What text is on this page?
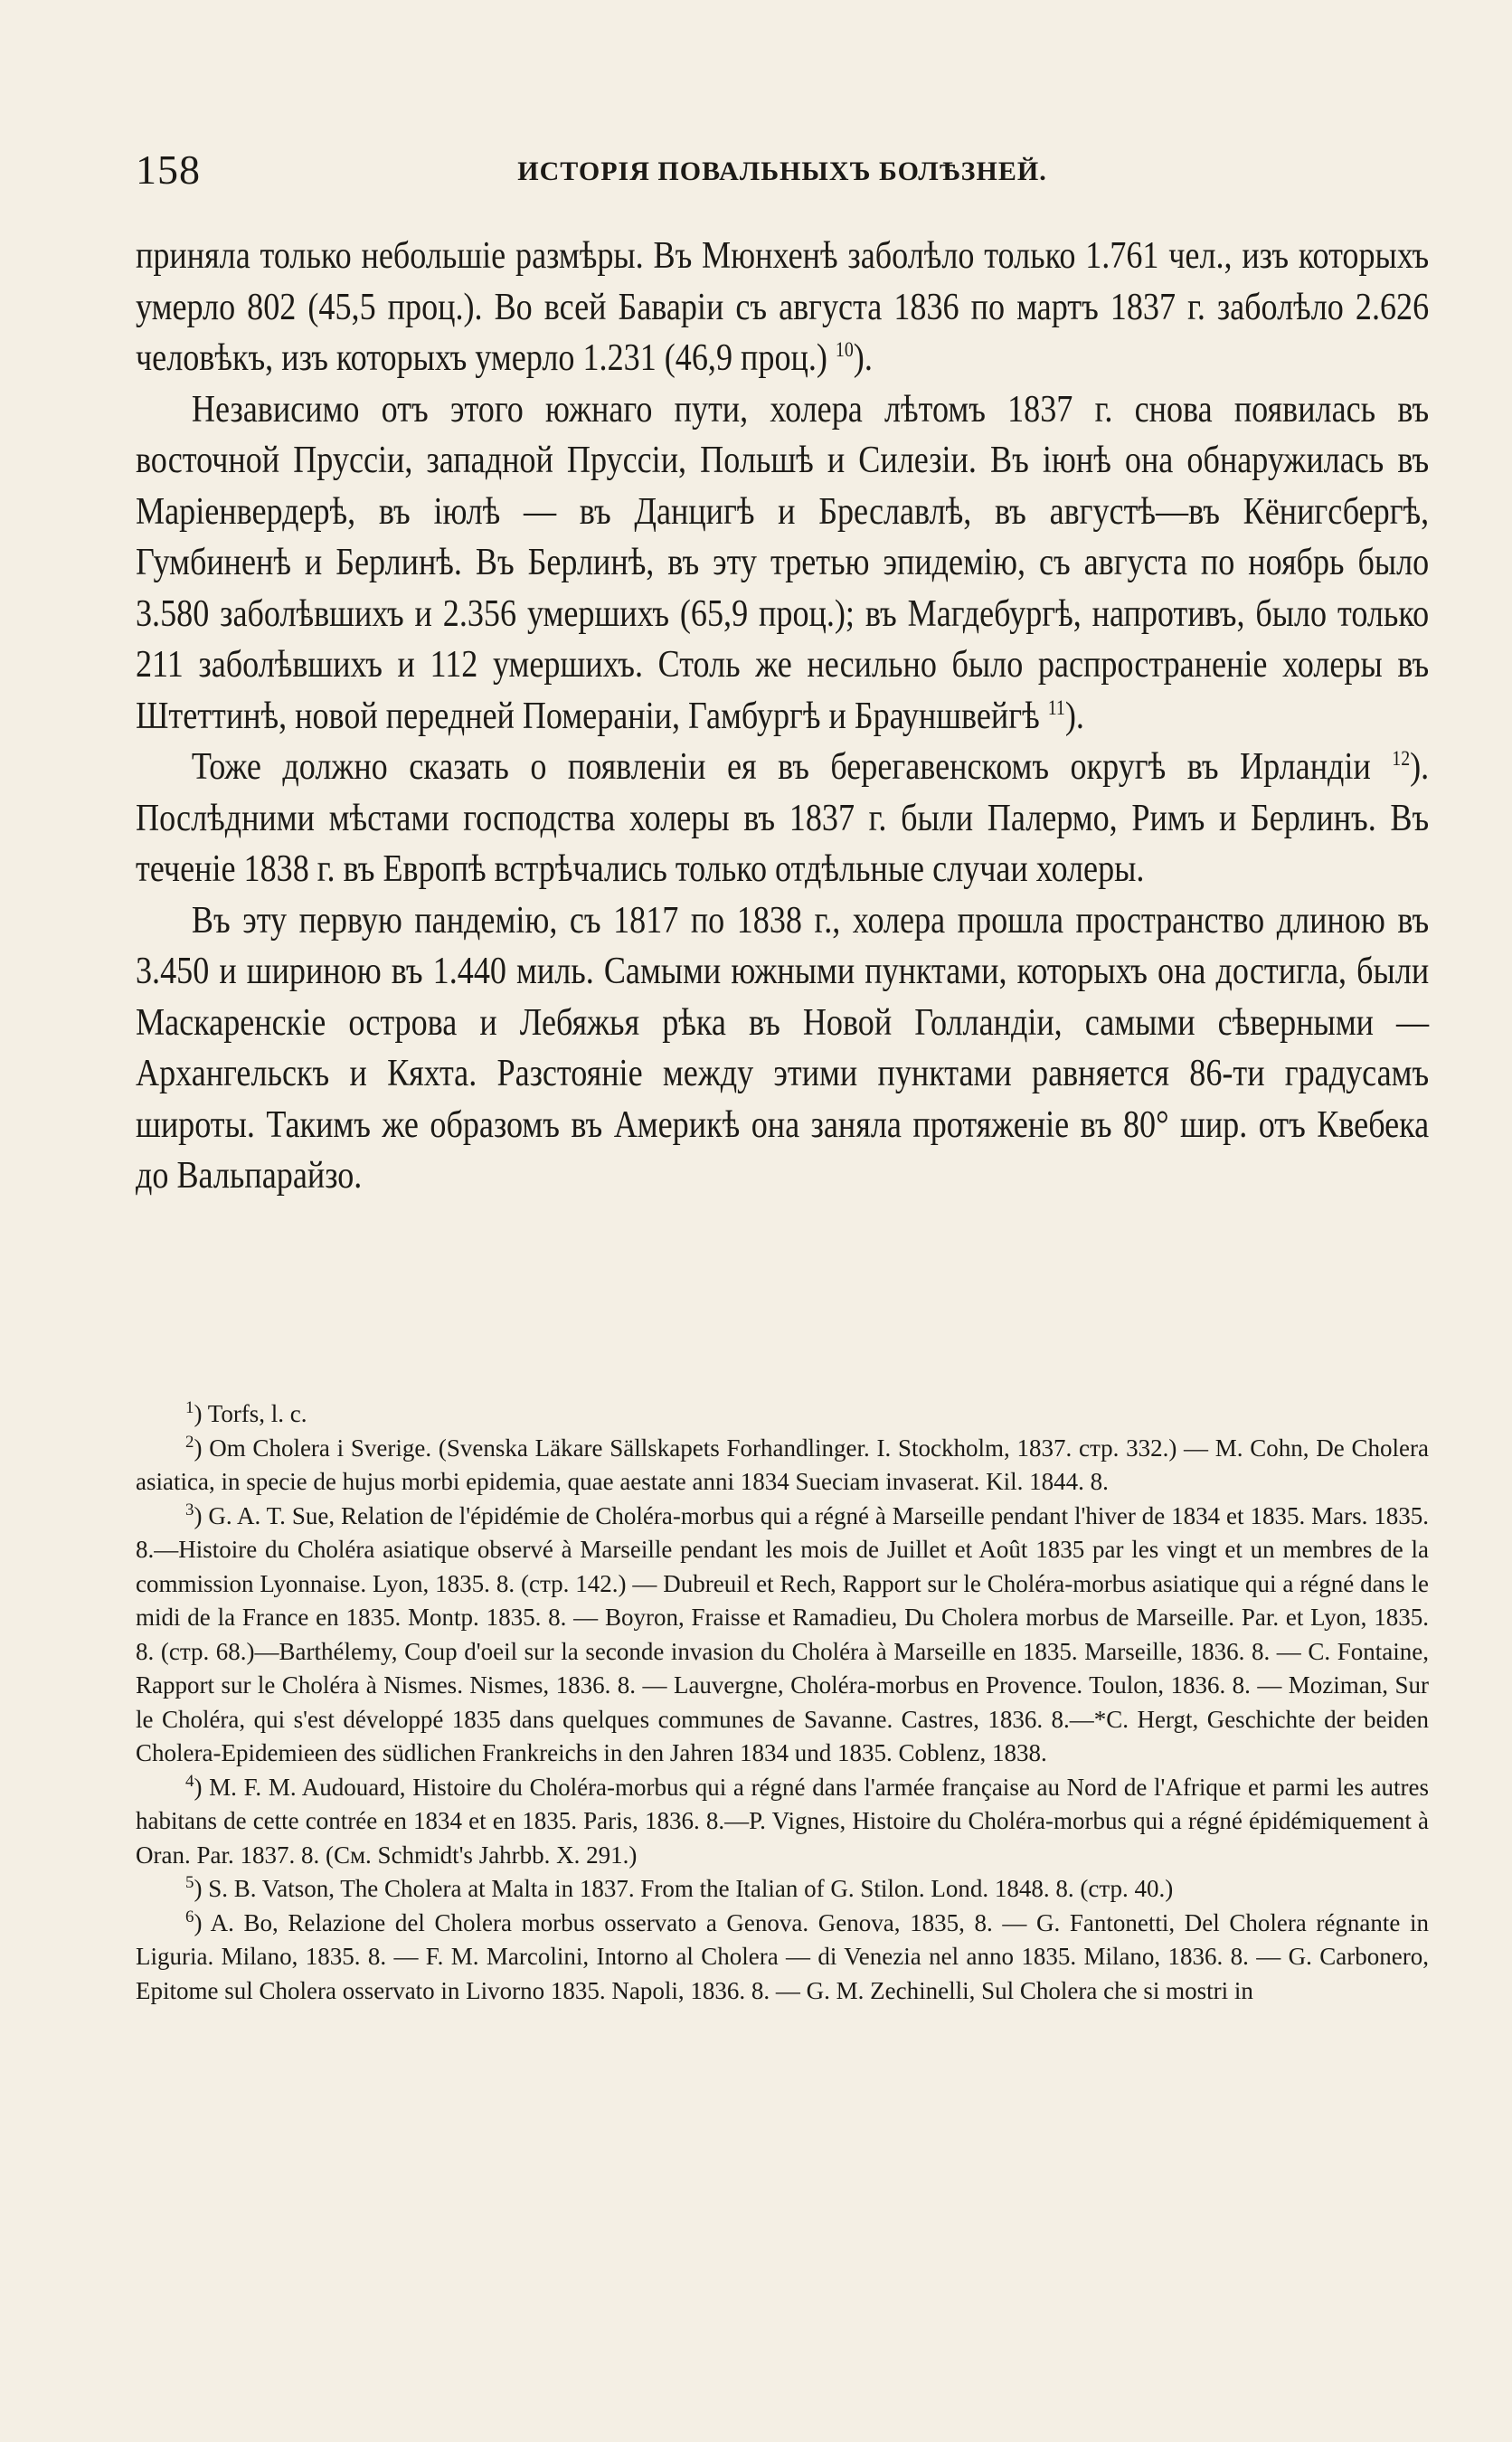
158	ИСТОРІЯ ПОВАЛЬНЫХЪ БОЛѢЗНЕЙ.

приняла только небольшіе размѣры. Въ Мюнхенѣ заболѣло только 1.761 чел., изъ которыхъ умерло 802 (45,5 проц.). Во всей Баваріи съ августа 1836 по мартъ 1837 г. заболѣло 2.626 человѣкъ, изъ которыхъ умерло 1.231 (46,9 проц.) $^{10}$).

Независимо отъ этого южнаго пути, холера лѣтомъ 1837 г. снова появилась въ восточной Пруссіи, западной Пруссіи, Польшѣ и Силезіи. Въ іюнѣ она обнаружилась въ Маріенвердерѣ, въ іюлѣ — въ Данцигѣ и Бреславлѣ, въ августѣ—въ Кёнигсбергѣ, Гумбиненѣ и Берлинѣ. Въ Берлинѣ, въ эту третью эпидемію, съ августа по ноябрь было 3.580 заболѣвшихъ и 2.356 умершихъ (65,9 проц.); въ Магдебургѣ, напротивъ, было только 211 заболѣвшихъ и 112 умершихъ. Столь же несильно было распространеніе холеры въ Штеттинѣ, новой передней Помераніи, Гамбургѣ и Брауншвейгѣ $^{11}$).

Тоже должно сказать о появленіи ея въ берегавенскомъ округѣ въ Ирландіи $^{12}$). Послѣдними мѣстами господства холеры въ 1837 г. были Палермо, Римъ и Берлинъ. Въ теченіе 1838 г. въ Европѣ встрѣчались только отдѣльные случаи холеры.

Въ эту первую пандемію, съ 1817 по 1838 г., холера прошла пространство длиною въ 3.450 и шириною въ 1.440 миль. Самыми южными пунктами, которыхъ она достигла, были Маскаренскіе острова и Лебяжья рѣка въ Новой Голландіи, самыми сѣверными — Архангельскъ и Кяхта. Разстояніе между этими пунктами равняется 86-ти градусамъ широты. Такимъ же образомъ въ Америкѣ она заняла протяженіе въ 80° шир. отъ Квебека до Вальпарайзо.

$^1$) Torfs, l. c.

$^2$) Om Cholera i Sverige. (Svenska Läkare Sällskapets Forhandlinger. I. Stockholm, 1837. стр. 332.) — M. Cohn, De Cholera asiatica, in specie de hujus morbi epidemia, quae aestate anni 1834 Sueciam invaserat. Kil. 1844. 8.

$^3$) G. A. T. Sue, Relation de l'épidémie de Choléra-morbus qui a régné à Marseille pendant l'hiver de 1834 et 1835. Mars. 1835. 8.—Histoire du Choléra asiatique observé à Marseille pendant les mois de Juillet et Août 1835 par les vingt et un membres de la commission Lyonnaise. Lyon, 1835. 8. (стр. 142.) — Dubreuil et Rech, Rapport sur le Choléra-morbus asiatique qui a régné dans le midi de la France en 1835. Montp. 1835. 8. — Boyron, Fraisse et Ramadieu, Du Cholera morbus de Marseille. Par. et Lyon, 1835. 8. (стр. 68.)—Barthélemy, Coup d'oeil sur la seconde invasion du Choléra à Marseille en 1835. Marseille, 1836. 8. — C. Fontaine, Rapport sur le Choléra à Nismes. Nismes, 1836. 8. — Lauvergne, Choléra-morbus en Provence. Toulon, 1836. 8. — Moziman, Sur le Choléra, qui s'est développé 1835 dans quelques communes de Savanne. Castres, 1836. 8.—*C. Hergt, Geschichte der beiden Cholera-Epidemieen des südlichen Frankreichs in den Jahren 1834 und 1835. Coblenz, 1838.

$^4$) M. F. M. Audouard, Histoire du Choléra-morbus qui a régné dans l'armée française au Nord de l'Afrique et parmi les autres habitans de cette contrée en 1834 et en 1835. Paris, 1836. 8.—P. Vignes, Histoire du Choléra-morbus qui a régné épidémiquement à Oran. Par. 1837. 8. (См. Schmidt's Jahrbb. X. 291.)

$^5$) S. B. Vatson, The Cholera at Malta in 1837. From the Italian of G. Stilon. Lond. 1848. 8. (стр. 40.)

$^6$) A. Bo, Relazione del Cholera morbus osservato a Genova. Genova, 1835, 8. — G. Fantonetti, Del Cholera régnante in Liguria. Milano, 1835. 8. — F. M. Marcolini, Intorno al Cholera — di Venezia nel anno 1835. Milano, 1836. 8. — G. Carbonero, Epitome sul Cholera osservato in Livorno 1835. Napoli, 1836. 8. — G. M. Zechinelli, Sul Cholera che si mostri in
